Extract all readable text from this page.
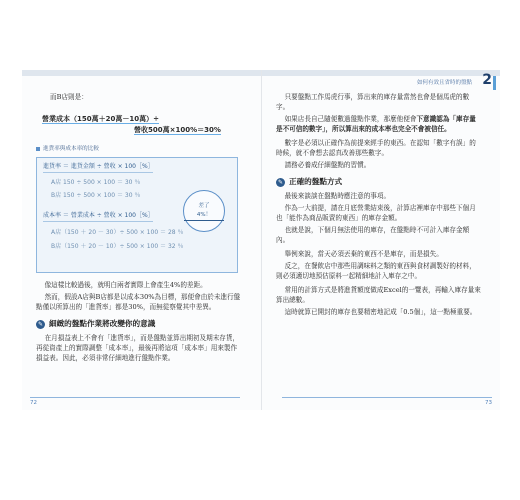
如何有效且省時的盤點 2

而B店則是：

營業成本（150萬＋20萬－10萬）÷
營收500萬×100%＝30%
進貨率與成本率的比較
進貨率 ＝ 進貨金額 ÷ 營收 × 100［%］
A店 150 ÷ 500 × 100 ＝ 30 ％
B店 150 ÷ 500 × 100 ＝ 30 ％
成本率 ＝ 營業成本 ÷ 營收 × 100［%］
A店（150 ＋ 20 － 30）÷ 500 × 100 ＝ 28 ％
B店（150 ＋ 20 － 10）÷ 500 × 100 ＝ 32 ％
差了
4%！

像這樣比較過後，就明白兩者實際上會產生4%的差距。

然而，假設A店與B店都是以成本30%為目標，那便會由於未進行盤點僅以所算出的「進貨率」都是30%，而無從察覺其中差異。

✎ 細緻的盤點作業將改變你的意識

在月損益表上不會有「進貨率」，而是盤點並算出期初及期末存貨，再從資產上的實際調整「成本率」，最後再將這項「成本率」用來製作損益表。因此，必須非常仔細地進行盤點作業。

只要盤點工作馬虎行事，算出來的庫存量當然也會是個馬虎的數字。

如果店長自己隨便數過盤點作業，那麼他便會下意識認為「庫存量是不可信的數字」，所以算出來的成本率也完全不會被信任。

數字是必須以正確作為前提來經手的東西。在認知「數字有誤」的時候，就不會想去認真改善那些數字。

請務必養成仔細盤點的習慣。

✎ 正確的盤點方式

最後來談談在盤點時應注意的事項。

作為一大前提，請在月底營業結束後，計算店裡庫存中那些下個月也「能作為商品販賣的東西」的庫存金額。

也就是說，下個月無法使用的庫存，在盤點時不可計入庫存金額內。

舉例來說，當天必須丟棄的東西不是庫存，而是損失。

反之，在餐飲店中那些用調味料之類的東西與食材調製好的材料，則必須適切地預估原料一起精細地計入庫存之中。

常用的計算方式是將進貨額度做成Excel的一覽表，再輸入庫存量來算出總數。

這時就算已開封的庫存也要精密地記成「0.5個」，這一點極重要。

72	73
